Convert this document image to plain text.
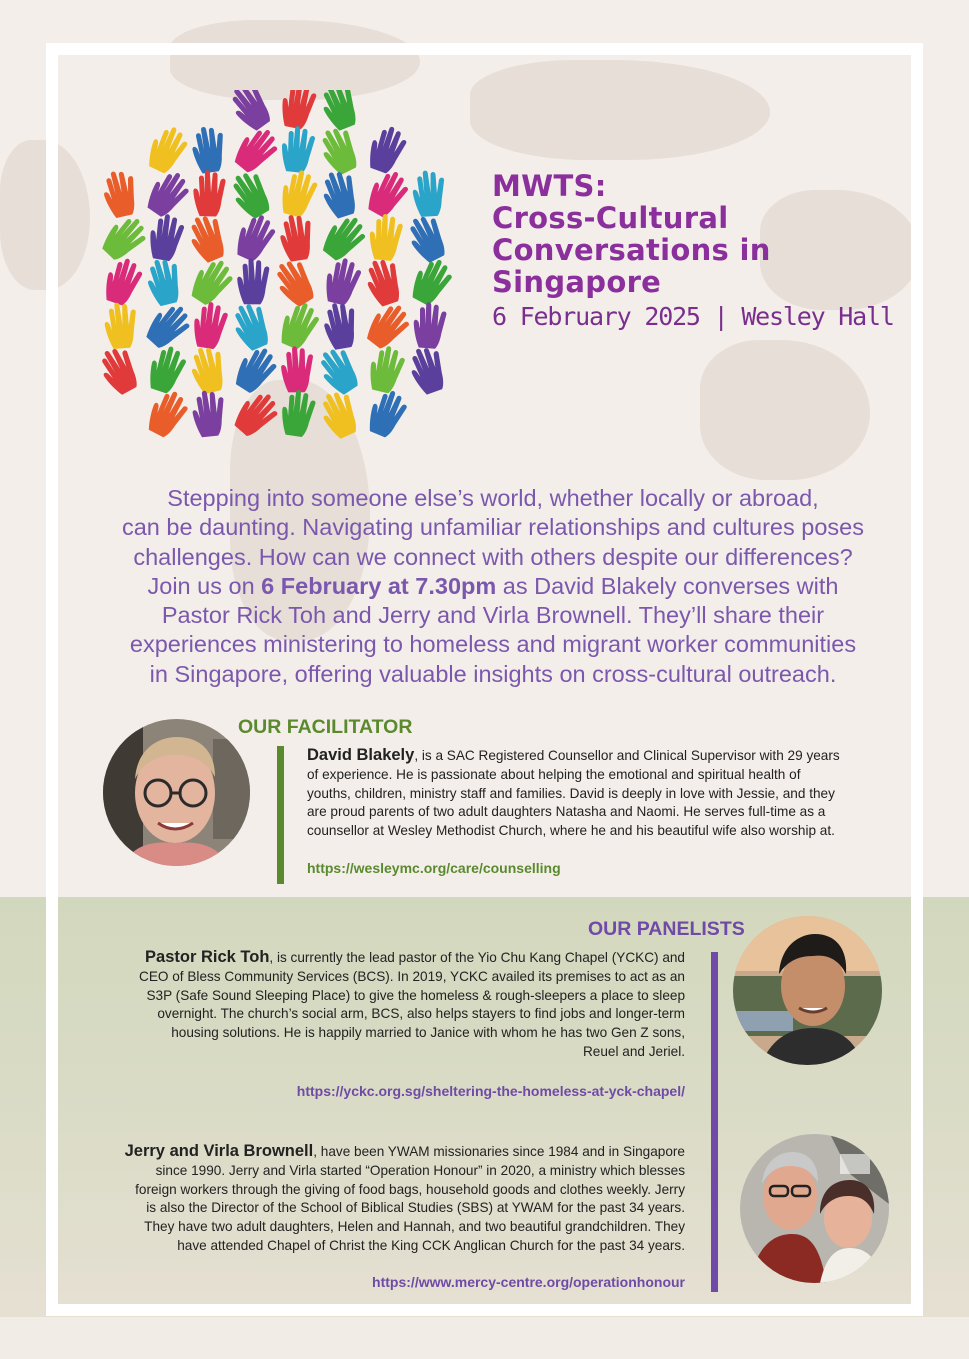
MWTS:
Cross-Cultural
Conversations in
Singapore
6 February 2025 | Wesley Hall
Stepping into someone else’s world, whether locally or abroad,
can be daunting. Navigating unfamiliar relationships and cultures poses
challenges. How can we connect with others despite our differences?
Join us on 6 February at 7.30pm as David Blakely converses with
Pastor Rick Toh and Jerry and Virla Brownell. They’ll share their
experiences ministering to homeless and migrant worker communities
in Singapore, offering valuable insights on cross-cultural outreach.
OUR FACILITATOR
David Blakely, is a SAC Registered Counsellor and Clinical Supervisor with 29 years
of experience. He is passionate about helping the emotional and spiritual health of
youths, children, ministry staff and families. David is deeply in love with Jessie, and they
are proud parents of two adult daughters Natasha and Naomi. He serves full-time as a
counsellor at Wesley Methodist Church, where he and his beautiful wife also worship at.
https://wesleymc.org/care/counselling
OUR PANELISTS
Pastor Rick Toh, is currently the lead pastor of the Yio Chu Kang Chapel (YCKC) and
CEO of Bless Community Services (BCS). In 2019, YCKC availed its premises to act as an
S3P (Safe Sound Sleeping Place) to give the homeless & rough-sleepers a place to sleep
overnight. The church’s social arm, BCS, also helps stayers to find jobs and longer-term
housing solutions. He is happily married to Janice with whom he has two Gen Z sons,
Reuel and Jeriel.
https://yckc.org.sg/sheltering-the-homeless-at-yck-chapel/
Jerry and Virla Brownell, have been YWAM missionaries since 1984 and in Singapore
since 1990. Jerry and Virla started “Operation Honour” in 2020, a ministry which blesses
foreign workers through the giving of food bags, household goods and clothes weekly. Jerry
is also the Director of the School of Biblical Studies (SBS) at YWAM for the past 34 years.
They have two adult daughters, Helen and Hannah, and two beautiful grandchildren. They
have attended Chapel of Christ the King CCK Anglican Church for the past 34 years.
https://www.mercy-centre.org/operationhonour
